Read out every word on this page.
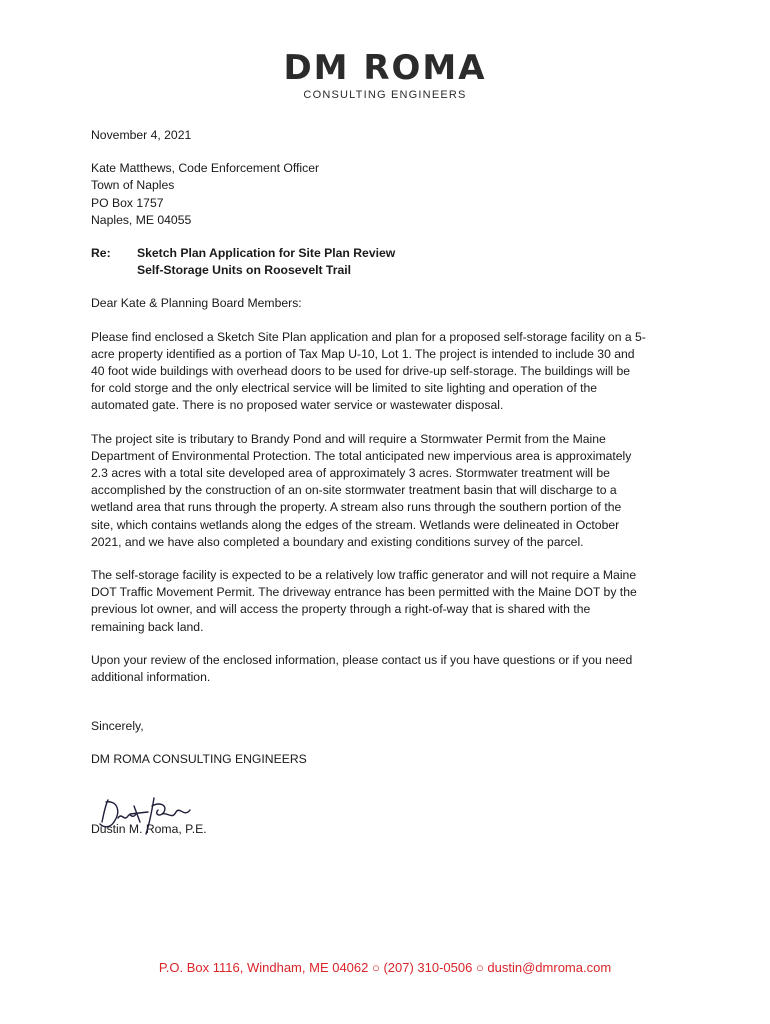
DM ROMA
CONSULTING ENGINEERS

November 4, 2021

Kate Matthews, Code Enforcement Officer

Town of Naples

PO Box 1757

Naples, ME 04055

Re:	Sketch Plan Application for Site Plan Review

Self-Storage Units on Roosevelt Trail

Dear Kate & Planning Board Members:

Please find enclosed a Sketch Site Plan application and plan for a proposed self-storage facility on a 5-

acre property identified as a portion of Tax Map U-10, Lot 1. The project is intended to include 30 and

40 foot wide buildings with overhead doors to be used for drive-up self-storage. The buildings will be

for cold storge and the only electrical service will be limited to site lighting and operation of the

automated gate. There is no proposed water service or wastewater disposal.

The project site is tributary to Brandy Pond and will require a Stormwater Permit from the Maine

Department of Environmental Protection. The total anticipated new impervious area is approximately

2.3 acres with a total site developed area of approximately 3 acres. Stormwater treatment will be

accomplished by the construction of an on-site stormwater treatment basin that will discharge to a

wetland area that runs through the property. A stream also runs through the southern portion of the

site, which contains wetlands along the edges of the stream. Wetlands were delineated in October

2021, and we have also completed a boundary and existing conditions survey of the parcel.

The self-storage facility is expected to be a relatively low traffic generator and will not require a Maine

DOT Traffic Movement Permit. The driveway entrance has been permitted with the Maine DOT by the

previous lot owner, and will access the property through a right-of-way that is shared with the

remaining back land.

Upon your review of the enclosed information, please contact us if you have questions or if you need

additional information.

Sincerely,

DM ROMA CONSULTING ENGINEERS

Dustin M. Roma, P.E.

P.O. Box 1116, Windham, ME 04062 ○ (207) 310-0506 ○ dustin@dmroma.com
